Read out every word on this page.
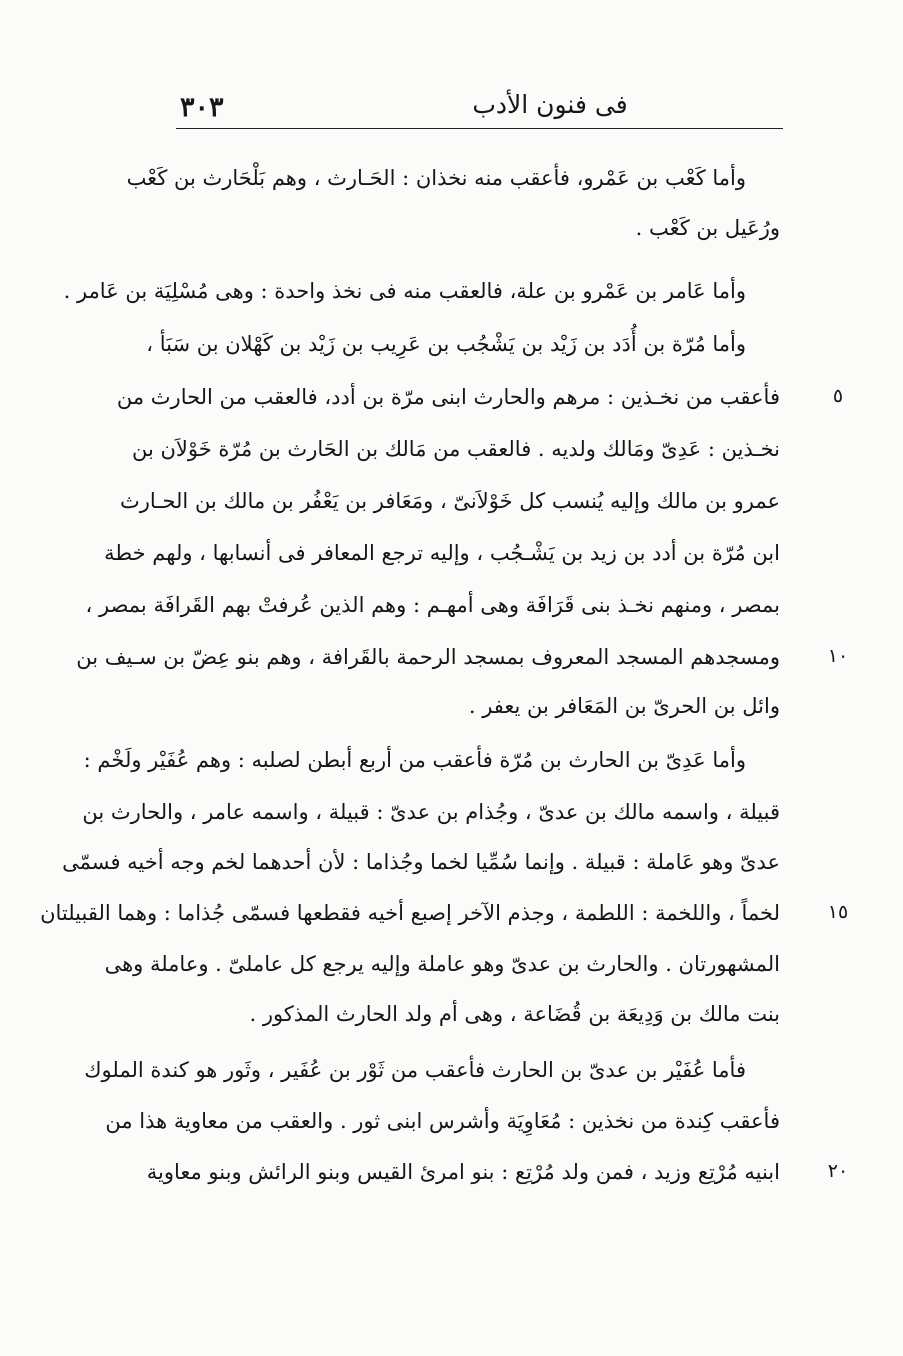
٣٠٣	فى فنون الأدب
وأما كَعْب بن عَمْرو، فأعقب منه نخذان : الحَـارث ، وهم بَلْحَارث بن كَعْب
ورُعَيل بن كَعْب .
وأما عَامر بن عَمْرو بن علة، فالعقب منه فى نخذ واحدة : وهى مُسْلِيَة بن عَامر .
وأما مُرّة بن أُدَد بن زَيْد بن يَشْجُب بن عَرِيب بن زَيْد بن كَهْلان بن سَبَأ ،
فأعقب من نخـذين : مرهم والحارث ابنى مرّة بن أدد، فالعقب من الحارث من
نخـذين : عَدِىّ ومَالك ولديه . فالعقب من مَالك بن الحَارث بن مُرّة خَوْلاَن بن
عمرو بن مالك وإليه يُنسب كل خَوْلاَنىّ ، ومَعَافر بن يَعْفُر بن مالك بن الحـارث
ابن مُرّة بن أدد بن زيد بن يَشْـجُب ، وإليه ترجع المعافر فى أنسابها ، ولهم خطة
بمصر ، ومنهم نخـذ بنى قَرَافَة وهى أمهـم : وهم الذين عُرفتْ بهم القَرافَة بمصر ،
ومسجدهم المسجد المعروف بمسجد الرحمة بالقَرافة ، وهم بنو عِضّ بن سـيف بن
وائل بن الحرىّ بن المَعَافر بن يعفر .
وأما عَدِىّ بن الحارث بن مُرّة فأعقب من أربع أبطن لصلبه : وهم عُفَيْر ولَخْم :
قبيلة ، واسمه مالك بن عدىّ ، وجُذام بن عدىّ : قبيلة ، واسمه عامر ، والحارث بن
عدىّ وهو عَاملة : قبيلة . وإنما سُمِّيا لخما وجُذاما : لأن أحدهما لخم وجه أخيه فسمّى
لخماً ، واللخمة : اللطمة ، وجذم الآخر إصبع أخيه فقطعها فسمّى جُذاما : وهما القبيلتان
المشهورتان . والحارث بن عدىّ وهو عاملة وإليه يرجع كل عاملىّ . وعاملة وهى
بنت مالك بن وَدِيعَة بن قُضَاعة ، وهى أم ولد الحارث المذكور .
فأما عُفَيْر بن عدىّ بن الحارث فأعقب من ثَوْر بن عُفَير ، وثَور هو كندة الملوك
فأعقب كِندة من نخذين : مُعَاوِيَة وأشرس ابنى ثور . والعقب من معاوية هذا من
ابنيه مُرْتِع وزيد ، فمن ولد مُرْتِع : بنو امرئ القيس وبنو الرائش وبنو معاوية
٥
١٠
١٥
٢٠
